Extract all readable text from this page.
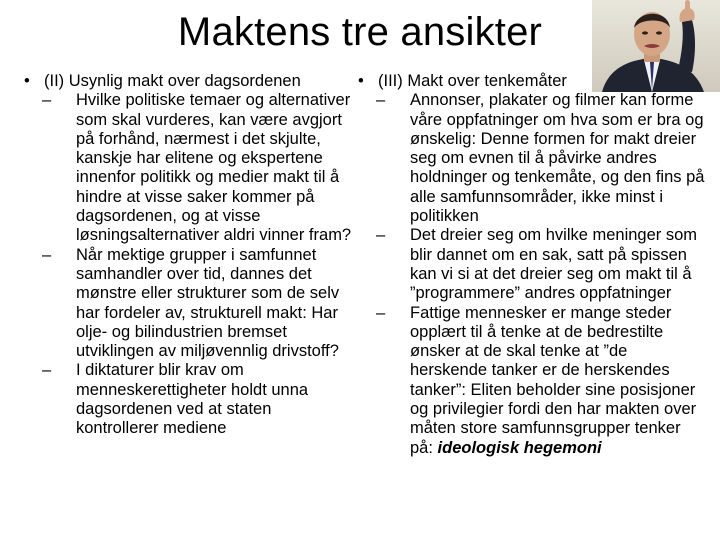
Maktens tre ansikter
• (II) Usynlig makt over dagsordenen
– Hvilke politiske temaer og alternativer som skal vurderes, kan være avgjort på forhånd, nærmest i det skjulte, kanskje har elitene og ekspertene innenfor politikk og medier makt til å hindre at visse saker kommer på dagsordenen, og at visse løsningsalternativer aldri vinner fram?
– Når mektige grupper i samfunnet samhandler over tid, dannes det mønstre eller strukturer som de selv har fordeler av, strukturell makt: Har olje- og bilindustrien bremset utviklingen av miljøvennlig drivstoff?
– I diktaturer blir krav om menneskerettigheter holdt unna dagsordenen ved at staten kontrollerer mediene
• (III) Makt over tenkemåter
– Annonser, plakater og filmer kan forme våre oppfatninger om hva som er bra og ønskelig: Denne formen for makt dreier seg om evnen til å påvirke andres holdninger og tenkemåte, og den fins på alle samfunnsområder, ikke minst i politikken
– Det dreier seg om hvilke meninger som blir dannet om en sak, satt på spissen kan vi si at det dreier seg om makt til å ”programmere” andres oppfatninger
– Fattige mennesker er mange steder opplært til å tenke at de bedrestilte ønsker at de skal tenke at ”de herskende tanker er de herskendes tanker”: Eliten beholder sine posisjoner og privilegier fordi den har makten over måten store samfunnsgrupper tenker på: ideologisk hegemoni
